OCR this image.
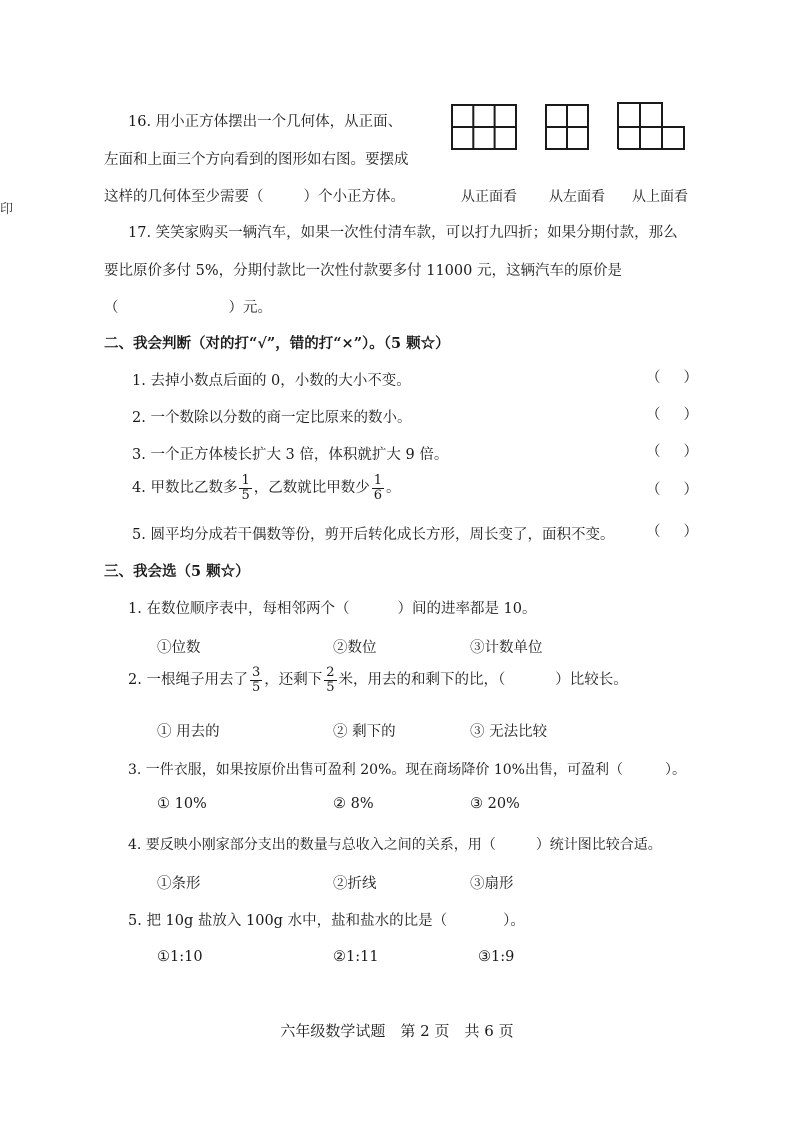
印
16. 用小正方体摆出一个几何体，从正面、
左面和上面三个方向看到的图形如右图。要摆成
这样的几何体至少需要（	）个小正方体。	从正面看 从左面看 从上面看
17. 笑笑家购买一辆汽车，如果一次性付清车款，可以打九四折；如果分期付款，那么
要比原价多付 5%，分期付款比一次性付款要多付 11000 元，这辆汽车的原价是
（	）元。
二、我会判断（对的打“√”，错的打“×”）。（5 颗☆）
1. 去掉小数点后面的 0，小数的大小不变。	（ ）
2. 一个数除以分数的商一定比原来的数小。	（ ）
3. 一个正方体棱长扩大 3 倍，体积就扩大 9 倍。	（ ）
4. 甲数比乙数多 $\frac{1}{5}$ ，乙数就比甲数少 $\frac{1}{6}$ 。	（ ）
5. 圆平均分成若干偶数等份，剪开后转化成长方形，周长变了，面积不变。 （ ）
三、我会选（5 颗☆）
1. 在数位顺序表中，每相邻两个（	）间的进率都是 10。
①位数	②数位	③计数单位
2. 一根绳子用去了 $\frac{3}{5}$ ，还剩下 $\frac{2}{5}$ 米，用去的和剩下的比，（	）比较长。
① 用去的	② 剩下的	③ 无法比较
3. 一件衣服，如果按原价出售可盈利 20%。现在商场降价 10%出售，可盈利（	）。
① 10%	② 8%	③ 20%
4. 要反映小刚家部分支出的数量与总收入之间的关系，用（	）统计图比较合适。
①条形	②折线	③扇形
5. 把 10g 盐放入 100g 水中，盐和盐水的比是（	）。
①1:10	②1:11	③1:9
六年级数学试题　第 2 页　共 6 页
